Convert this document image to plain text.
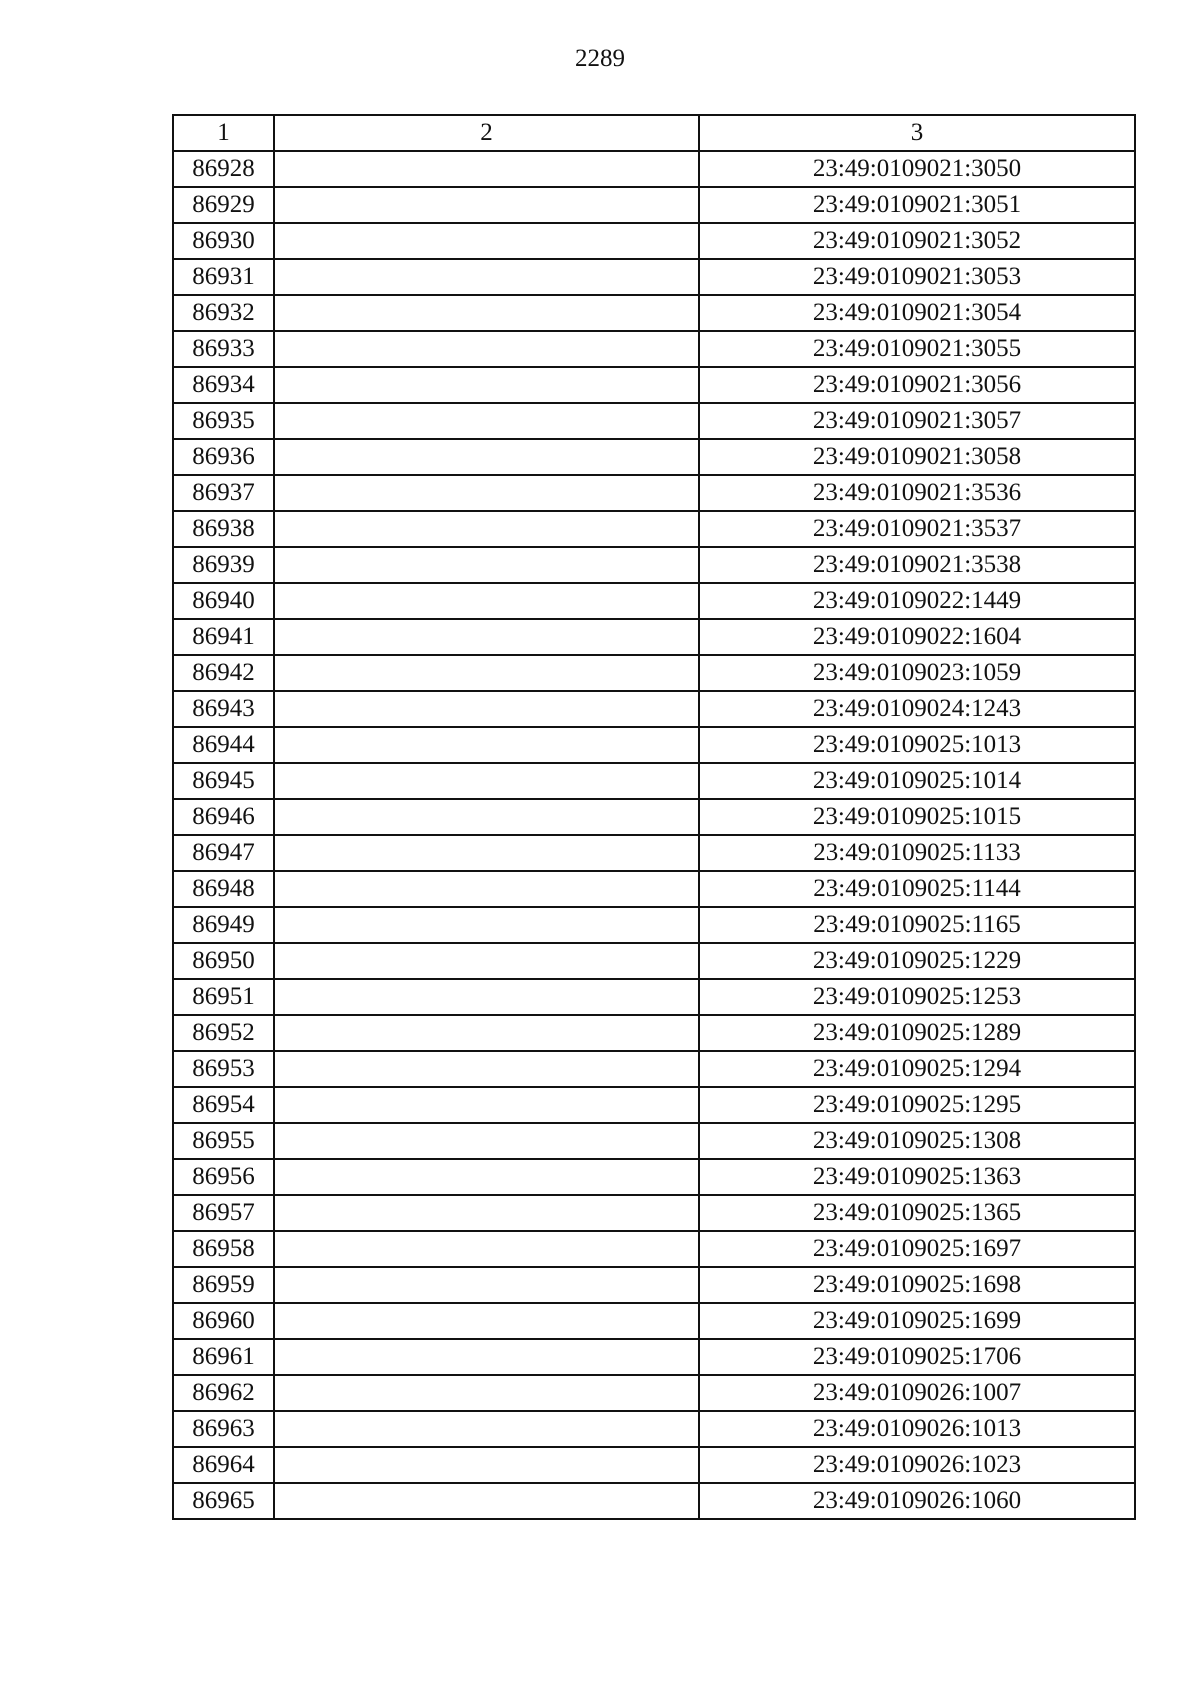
2289
1	2	3
86928		23:49:0109021:3050
86929		23:49:0109021:3051
86930		23:49:0109021:3052
86931		23:49:0109021:3053
86932		23:49:0109021:3054
86933		23:49:0109021:3055
86934		23:49:0109021:3056
86935		23:49:0109021:3057
86936		23:49:0109021:3058
86937		23:49:0109021:3536
86938		23:49:0109021:3537
86939		23:49:0109021:3538
86940		23:49:0109022:1449
86941		23:49:0109022:1604
86942		23:49:0109023:1059
86943		23:49:0109024:1243
86944		23:49:0109025:1013
86945		23:49:0109025:1014
86946		23:49:0109025:1015
86947		23:49:0109025:1133
86948		23:49:0109025:1144
86949		23:49:0109025:1165
86950		23:49:0109025:1229
86951		23:49:0109025:1253
86952		23:49:0109025:1289
86953		23:49:0109025:1294
86954		23:49:0109025:1295
86955		23:49:0109025:1308
86956		23:49:0109025:1363
86957		23:49:0109025:1365
86958		23:49:0109025:1697
86959		23:49:0109025:1698
86960		23:49:0109025:1699
86961		23:49:0109025:1706
86962		23:49:0109026:1007
86963		23:49:0109026:1013
86964		23:49:0109026:1023
86965		23:49:0109026:1060
